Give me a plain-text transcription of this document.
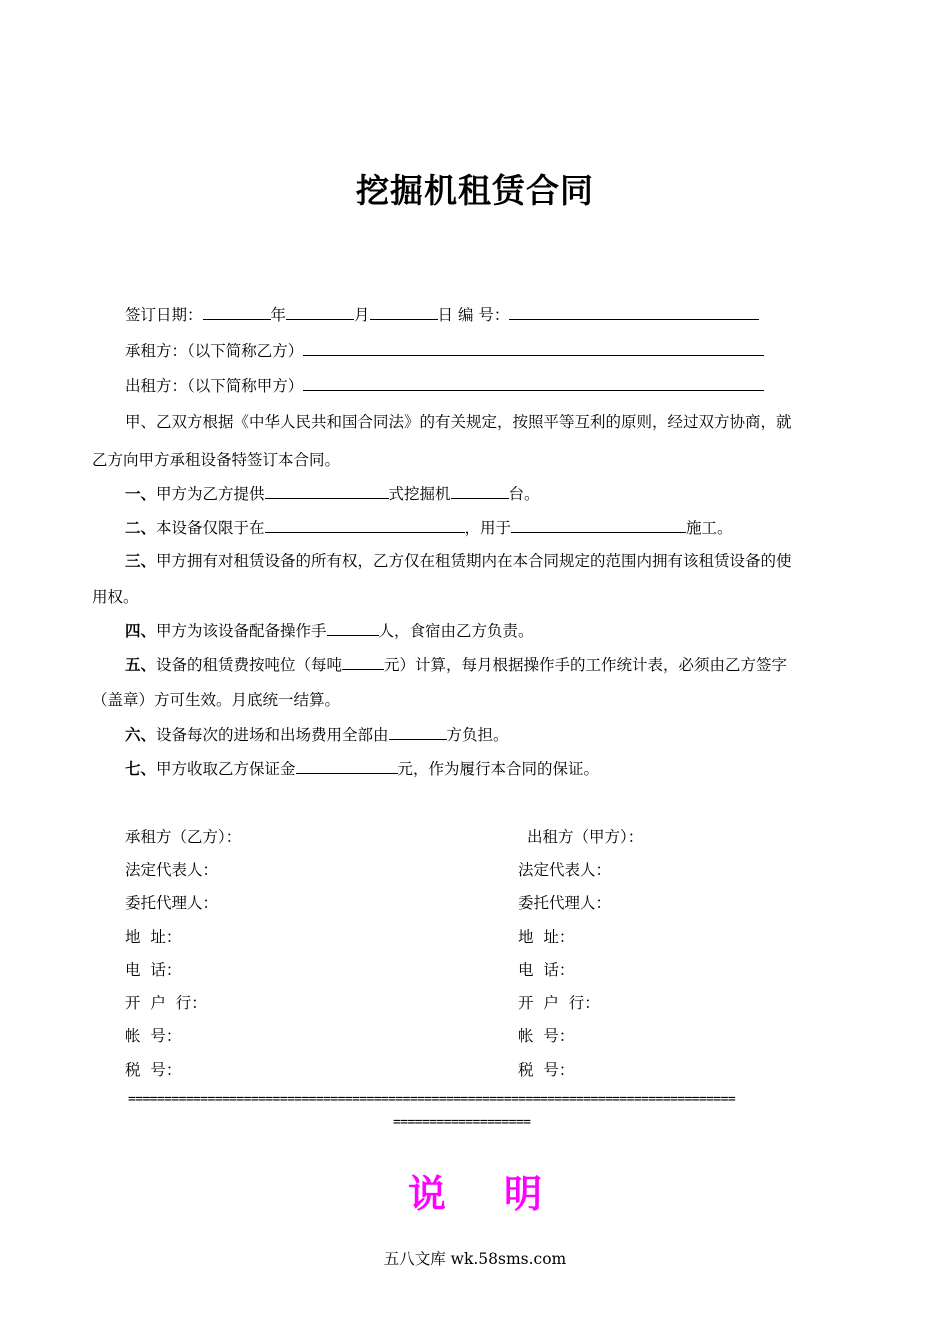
挖掘机租赁合同
签订日期：	年	月	日 编 号：
承租方：（以下简称乙方）
出租方：（以下简称甲方）
甲、乙双方根据《中华人民共和国合同法》的有关规定，按照平等互利的原则，经过双方协商，就
乙方向甲方承租设备特签订本合同。
一、甲方为乙方提供	式挖掘机	台。
二、本设备仅限于在	，用于	施工。
三、甲方拥有对租赁设备的所有权，乙方仅在租赁期内在本合同规定的范围内拥有该租赁设备的使
用权。
四、甲方为该设备配备操作手	人，食宿由乙方负责。
五、设备的租赁费按吨位（每吨	元）计算，每月根据操作手的工作统计表，必须由乙方签字
（盖章）方可生效。月底统一结算。
六、设备每次的进场和出场费用全部由	方负担。
七、甲方收取乙方保证金	元，作为履行本合同的保证。
承租方（乙方）：	出租方（甲方）：
法定代表人：	法定代表人：
委托代理人：	委托代理人：
地  址：	地  址：
电  话：	电  话：
开  户  行：	开  户  行：
帐  号：	帐  号：
税  号：	税  号：
====================================================================================
===================
说 明
五八文库 wk.58sms.com
